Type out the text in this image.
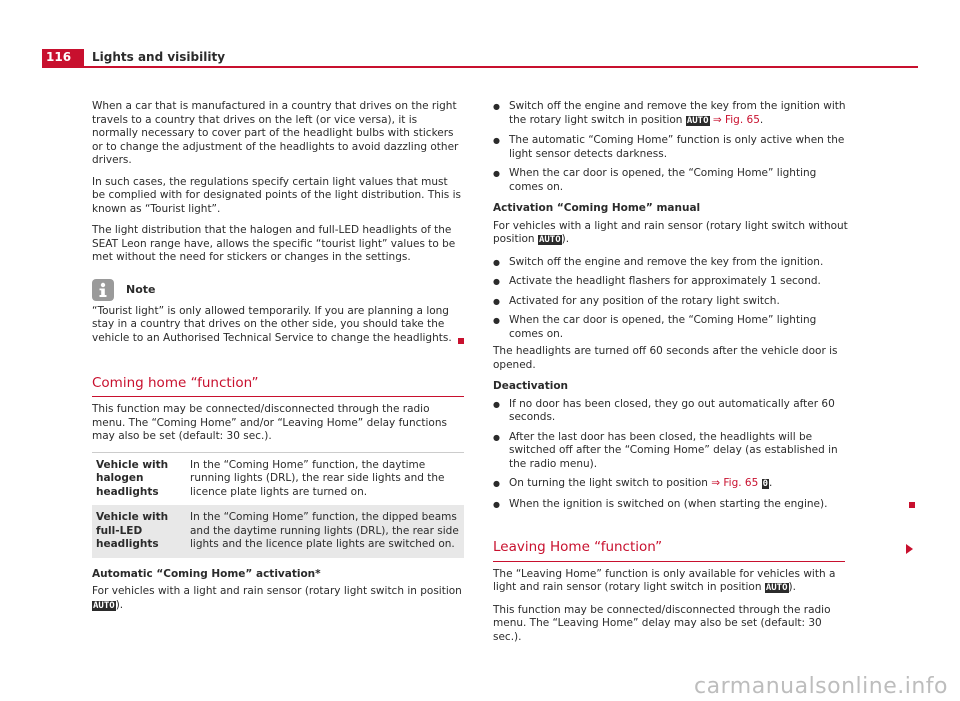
116	Lights and visibility

When a car that is manufactured in a country that drives on the right travels to a country that drives on the left (or vice versa), it is normally necessary to cover part of the headlight bulbs with stickers or to change the adjustment of the headlights to avoid dazzling other drivers.

In such cases, the regulations specify certain light values that must be complied with for designated points of the light distribution. This is known as “Tourist light”.

The light distribution that the halogen and full-LED headlights of the SEAT Leon range have, allows the specific “tourist light” values to be met without the need for stickers or changes in the settings.

Note

“Tourist light” is only allowed temporarily. If you are planning a long stay in a country that drives on the other side, you should take the vehicle to an Authorised Technical Service to change the headlights.

Coming home “function”

This function may be connected/disconnected through the radio menu. The “Coming Home” and/or “Leaving Home” delay functions may also be set (default: 30 sec.).

Vehicle with halogen headlights	In the “Coming Home” function, the daytime running lights (DRL), the rear side lights and the licence plate lights are turned on.
Vehicle with full-LED headlights	In the “Coming Home” function, the dipped beams and the daytime running lights (DRL), the rear side lights and the licence plate lights are switched on.
Automatic “Coming Home” activation*

For vehicles with a light and rain sensor (rotary light switch in position AUTO).

● Switch off the engine and remove the key from the ignition with the rotary light switch in position AUTO ⇒ Fig. 65.
● The automatic “Coming Home” function is only active when the light sensor detects darkness.
● When the car door is opened, the “Coming Home” lighting comes on.
Activation “Coming Home” manual

For vehicles with a light and rain sensor (rotary light switch without position AUTO).

● Switch off the engine and remove the key from the ignition.
● Activate the headlight flashers for approximately 1 second.
● Activated for any position of the rotary light switch.
● When the car door is opened, the “Coming Home” lighting comes on.

The headlights are turned off 60 seconds after the vehicle door is opened.

Deactivation
● If no door has been closed, they go out automatically after 60 seconds.
● After the last door has been closed, the headlights will be switched off after the “Coming Home” delay (as established in the radio menu).
● On turning the light switch to position ⇒ Fig. 65 0.
● When the ignition is switched on (when starting the engine).
Leaving Home “function”

The “Leaving Home” function is only available for vehicles with a light and rain sensor (rotary light switch in position AUTO).

This function may be connected/disconnected through the radio menu. The “Leaving Home” delay may also be set (default: 30 sec.).

carmanualsonline.info
